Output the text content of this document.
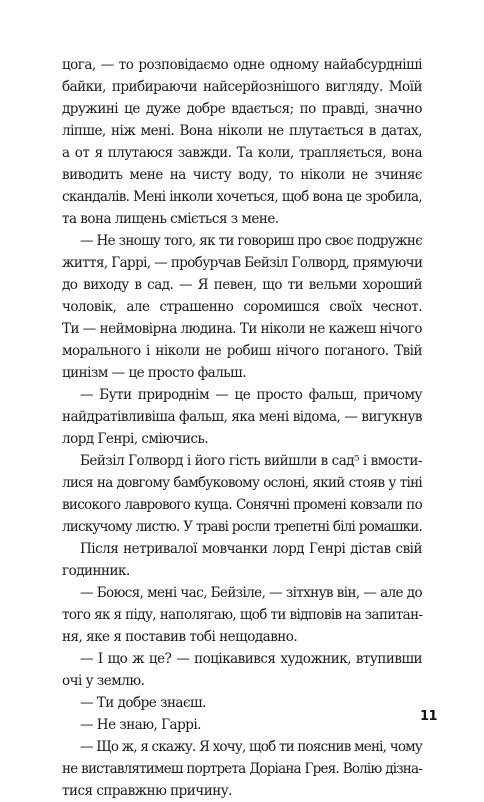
цога, — то розповідаємо одне одному найабсурдніші
байки, прибираючи найсерйознішого вигляду. Моїй
дружині це дуже добре вдається; по правді, значно
ліпше, ніж мені. Вона ніколи не плутається в датах,
а от я плутаюся завжди. Та коли, трапляється, вона
виводить мене на чисту воду, то ніколи не зчиняє
скандалів. Мені інколи хочеться, щоб вона це зробила,
та вона лищень сміється з мене.
— Не зношу того, як ти говориш про своє подружнє
життя, Гаррі, — пробурчав Бейзіл Голворд, прямуючи
до виходу в сад. — Я певен, що ти вельми хороший
чоловік, але страшенно соромишся своїх чеснот.
Ти — неймовірна людина. Ти ніколи не кажеш нічого
морального і ніколи не робиш нічого поганого. Твій
цинізм — це просто фальш.
— Бути природнім — це просто фальш, причому
найдратівливіша фальш, яка мені відома, — вигукнув
лорд Генрі, сміючись.
Бейзіл Голворд і його гість вийшли в сад⁵ і вмости-
лися на довгому бамбуковому ослоні, який стояв у тіні
високого лаврового куща. Сонячні промені ковзали по
лискучому листю. У траві росли трепетні білі ромашки.
Після нетривалої мовчанки лорд Генрі дістав свій
годинник.
— Боюся, мені час, Бейзіле, — зітхнув він, — але до
того як я піду, наполягаю, щоб ти відповів на запитан-
ня, яке я поставив тобі нещодавно.
— І що ж це? — поцікавився художник, втупивши
очі у землю.
— Ти добре знаєш.
— Не знаю, Гаррі.
— Що ж, я скажу. Я хочу, щоб ти пояснив мені, чому
не виставлятимеш портрета Доріана Грея. Волію дізна-
тися справжню причину.
11
